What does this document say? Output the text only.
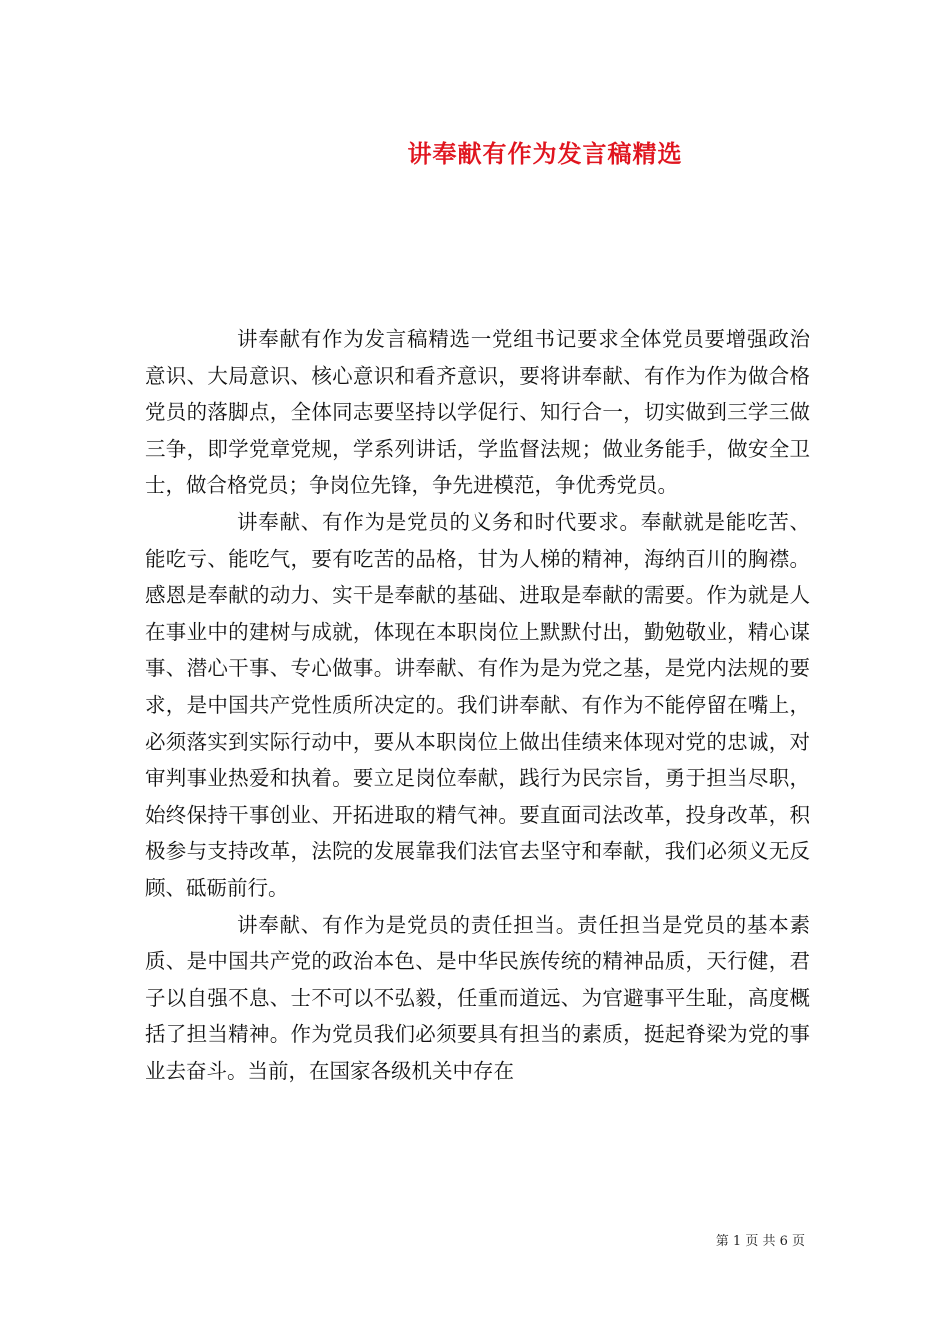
讲奉献有作为发言稿精选

讲奉献有作为发言稿精选一党组书记要求全体党员要增强政治意识、大局意识、核心意识和看齐意识，要将讲奉献、有作为作为做合格党员的落脚点，全体同志要坚持以学促行、知行合一，切实做到三学三做三争，即学党章党规，学系列讲话，学监督法规；做业务能手，做安全卫士，做合格党员；争岗位先锋，争先进模范，争优秀党员。

讲奉献、有作为是党员的义务和时代要求。奉献就是能吃苦、能吃亏、能吃气，要有吃苦的品格，甘为人梯的精神，海纳百川的胸襟。感恩是奉献的动力、实干是奉献的基础、进取是奉献的需要。作为就是人在事业中的建树与成就，体现在本职岗位上默默付出，勤勉敬业，精心谋事、潜心干事、专心做事。讲奉献、有作为是为党之基，是党内法规的要求，是中国共产党性质所决定的。我们讲奉献、有作为不能停留在嘴上，必须落实到实际行动中，要从本职岗位上做出佳绩来体现对党的忠诚，对审判事业热爱和执着。要立足岗位奉献，践行为民宗旨，勇于担当尽职，始终保持干事创业、开拓进取的精气神。要直面司法改革，投身改革，积极参与支持改革，法院的发展靠我们法官去坚守和奉献，我们必须义无反顾、砥砺前行。

讲奉献、有作为是党员的责任担当。责任担当是党员的基本素质、是中国共产党的政治本色、是中华民族传统的精神品质，天行健，君子以自强不息、士不可以不弘毅，任重而道远、为官避事平生耻，高度概括了担当精神。作为党员我们必须要具有担当的素质，挺起脊梁为党的事业去奋斗。当前，在国家各级机关中存在

第 1 页 共 6 页
